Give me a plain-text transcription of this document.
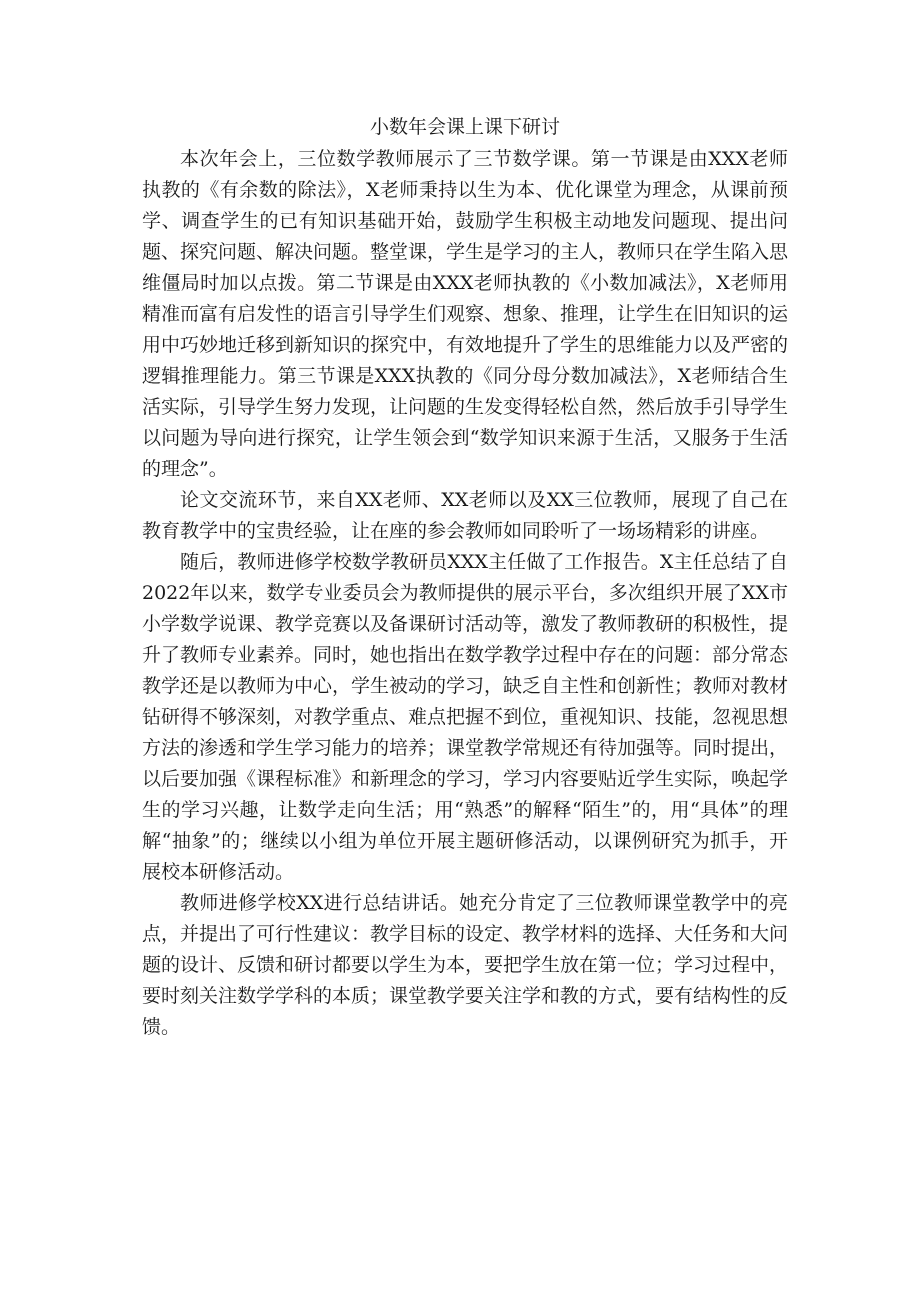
小数年会课上课下研讨

本次年会上，三位数学教师展示了三节数学课。第一节课是由XXX老师执教的《有余数的除法》，X老师秉持以生为本、优化课堂为理念，从课前预学、调查学生的已有知识基础开始，鼓励学生积极主动地发问题现、提出问题、探究问题、解决问题。整堂课，学生是学习的主人，教师只在学生陷入思维僵局时加以点拨。第二节课是由XXX老师执教的《小数加减法》，X老师用精准而富有启发性的语言引导学生们观察、想象、推理，让学生在旧知识的运用中巧妙地迁移到新知识的探究中，有效地提升了学生的思维能力以及严密的逻辑推理能力。第三节课是XXX执教的《同分母分数加减法》，X老师结合生活实际，引导学生努力发现，让问题的生发变得轻松自然，然后放手引导学生以问题为导向进行探究，让学生领会到“数学知识来源于生活，又服务于生活的理念”。

论文交流环节，来自XX老师、XX老师以及XX三位教师，展现了自己在教育教学中的宝贵经验，让在座的参会教师如同聆听了一场场精彩的讲座。

随后，教师进修学校数学教研员XXX主任做了工作报告。X主任总结了自2022年以来，数学专业委员会为教师提供的展示平台，多次组织开展了XX市小学数学说课、教学竞赛以及备课研讨活动等，激发了教师教研的积极性，提升了教师专业素养。同时，她也指出在数学教学过程中存在的问题：部分常态教学还是以教师为中心，学生被动的学习，缺乏自主性和创新性；教师对教材钻研得不够深刻，对教学重点、难点把握不到位，重视知识、技能，忽视思想方法的渗透和学生学习能力的培养；课堂教学常规还有待加强等。同时提出，以后要加强《课程标准》和新理念的学习，学习内容要贴近学生实际，唤起学生的学习兴趣，让数学走向生活；用“熟悉”的解释“陌生”的，用“具体”的理解“抽象”的；继续以小组为单位开展主题研修活动，以课例研究为抓手，开展校本研修活动。

教师进修学校XX进行总结讲话。她充分肯定了三位教师课堂教学中的亮点，并提出了可行性建议：教学目标的设定、教学材料的选择、大任务和大问题的设计、反馈和研讨都要以学生为本，要把学生放在第一位；学习过程中，要时刻关注数学学科的本质；课堂教学要关注学和教的方式，要有结构性的反馈。
